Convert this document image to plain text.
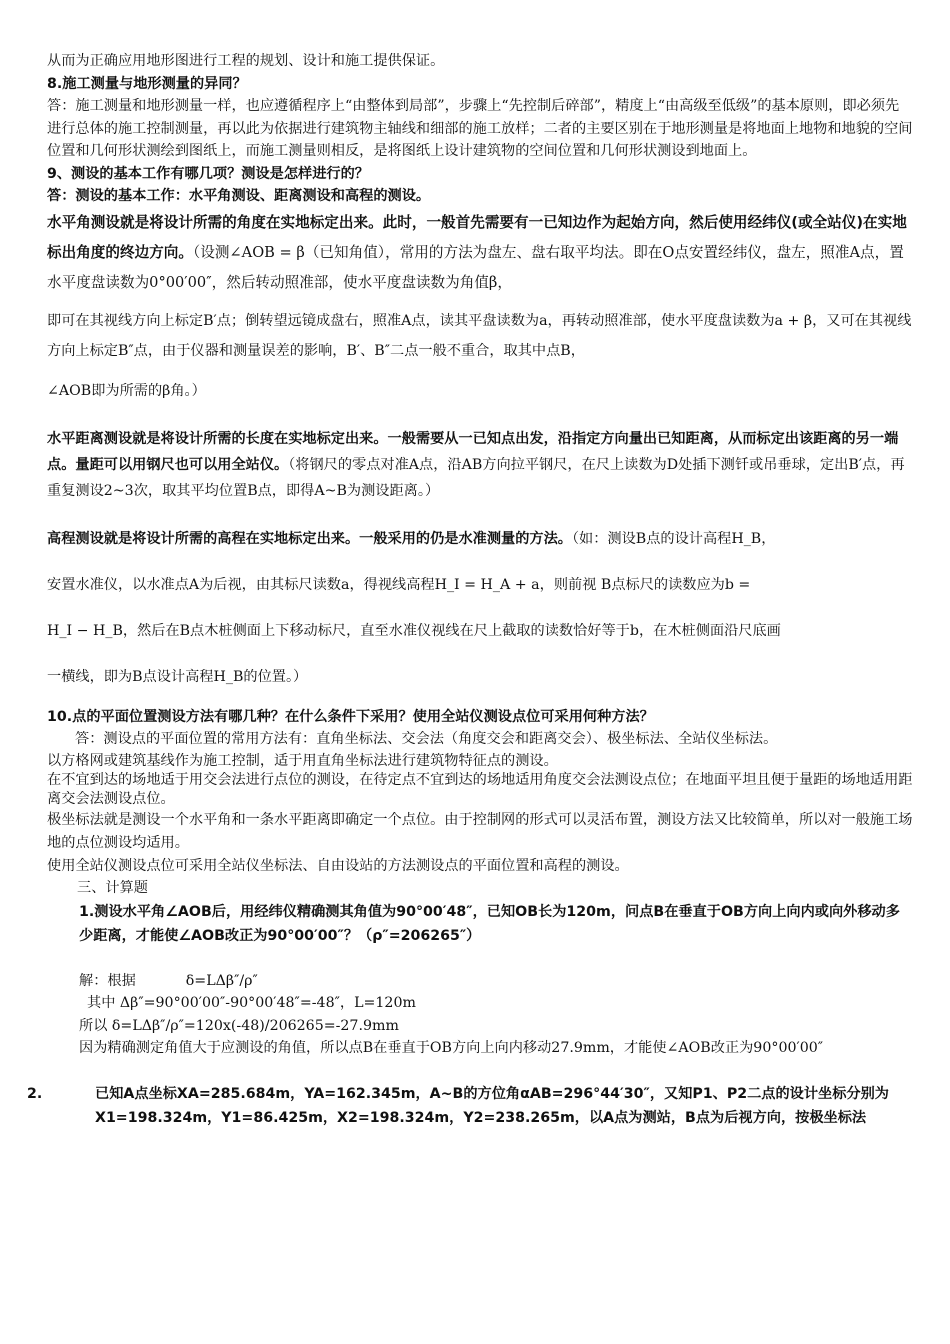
从而为正确应用地形图进行工程的规划、设计和施工提供保证。
8.施工测量与地形测量的异同？
答：施工测量和地形测量一样，也应遵循程序上“由整体到局部”，步骤上“先控制后碎部”，精度上“由高级至低级”的基本原则，即必须先进行总体的施工控制测量，再以此为依据进行建筑物主轴线和细部的施工放样；二者的主要区别在于地形测量是将地面上地物和地貌的空间位置和几何形状测绘到图纸上，而施工测量则相反，是将图纸上设计建筑物的空间位置和几何形状测设到地面上。
9、测设的基本工作有哪几项？测设是怎样进行的？
答：测设的基本工作：水平角测设、距离测设和高程的测设。
水平角测设就是将设计所需的角度在实地标定出来。此时，一般首先需要有一已知边作为起始方向，然后使用经纬仪(或全站仪)在实地标出角度的终边方向。（设测∠AOB = β（已知角值），常用的方法为盘左、盘右取平均法。即在O点安置经纬仪，盘左，照准A点，置水平度盘读数为0°00′00″，然后转动照准部，使水平度盘读数为角值β，
即可在其视线方向上标定B′点；倒转望远镜成盘右，照准A点，读其平盘读数为a，再转动照准部，使水平度盘读数为a + β，又可在其视线方向上标定B″点，由于仪器和测量误差的影响，B′、B″二点一般不重合，取其中点B，
∠AOB即为所需的β角。）
水平距离测设就是将设计所需的长度在实地标定出来。一般需要从一已知点出发，沿指定方向量出已知距离，从而标定出该距离的另一端点。量距可以用钢尺也可以用全站仪。（将钢尺的零点对准A点，沿AB方向拉平钢尺，在尺上读数为D处插下测钎或吊垂球，定出B′点，再重复测设2~3次，取其平均位置B点，即得A~B为测设距离。）
高程测设就是将设计所需的高程在实地标定出来。一般采用的仍是水准测量的方法。（如：测设B点的设计高程H_B，
安置水准仪，以水准点A为后视，由其标尺读数a，得视线高程H_I = H_A + a，则前视 B点标尺的读数应为b =
H_I − H_B，然后在B点木桩侧面上下移动标尺，直至水准仪视线在尺上截取的读数恰好等于b，在木桩侧面沿尺底画
一横线，即为B点设计高程H_B的位置。）
10.点的平面位置测设方法有哪几种？在什么条件下采用？使用全站仪测设点位可采用何种方法？
答：测设点的平面位置的常用方法有：直角坐标法、交会法（角度交会和距离交会）、极坐标法、全站仪坐标法。
以方格网或建筑基线作为施工控制，适于用直角坐标法进行建筑物特征点的测设。
在不宜到达的场地适于用交会法进行点位的测设，在待定点不宜到达的场地适用角度交会法测设点位；在地面平坦且便于量距的场地适用距离交会法测设点位。
极坐标法就是测设一个水平角和一条水平距离即确定一个点位。由于控制网的形式可以灵活布置，测设方法又比较简单，所以对一般施工场地的点位测设均适用。
使用全站仪测设点位可采用全站仪坐标法、自由设站的方法测设点的平面位置和高程的测设。
三、计算题
1.测设水平角∠AOB后，用经纬仪精确测其角值为90°00′48″，已知OB长为120m，问点B在垂直于OB方向上向内或向外移动多少距离，才能使∠AOB改正为90°00′00″？（ρ″=206265″）
解：根据	δ=LΔβ″/ρ″
其中 Δβ″=90°00′00″-90°00′48″=-48″，L=120m
所以 δ=LΔβ″/ρ″=120x(-48)/206265=-27.9mm
因为精确测定角值大于应测设的角值，所以点B在垂直于OB方向上向内移动27.9mm，才能使∠AOB改正为90°00′00″
2.	已知A点坐标XA=285.684m，YA=162.345m，A~B的方位角αAB=296°44′30″，又知P1、P2二点的设计坐标分别为X1=198.324m，Y1=86.425m，X2=198.324m，Y2=238.265m，以A点为测站，B点为后视方向，按极坐标法
